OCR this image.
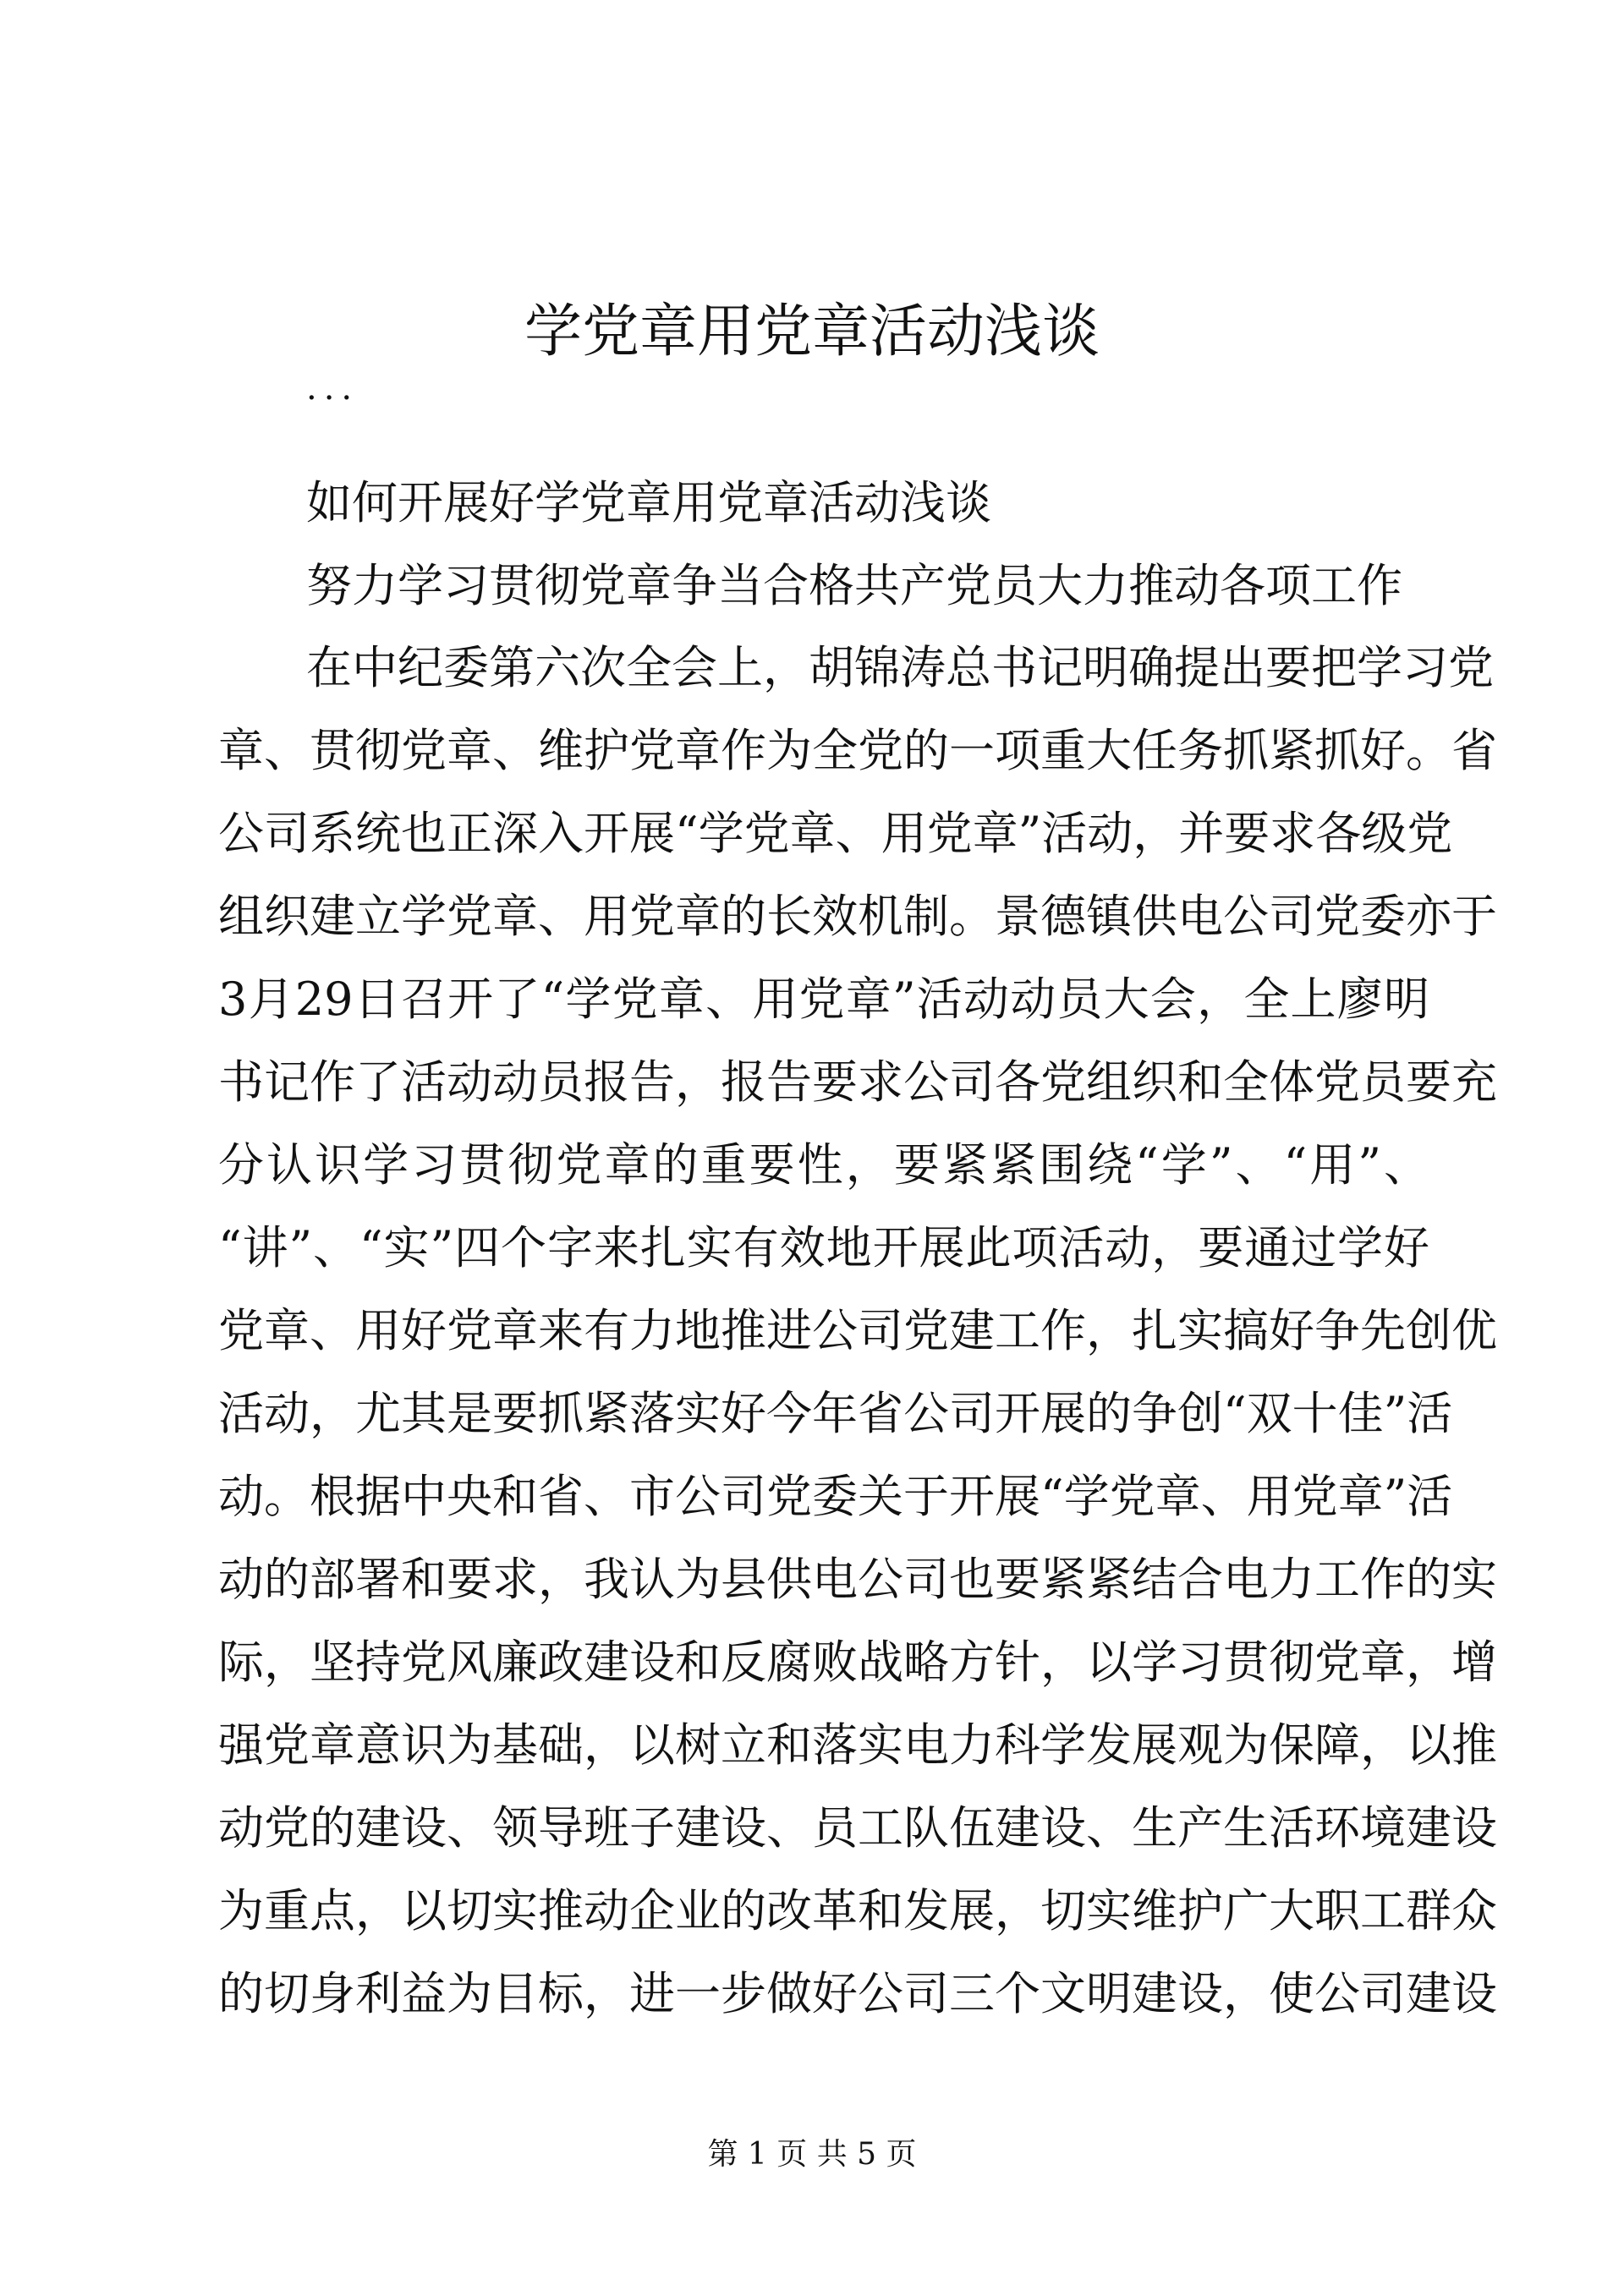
学党章用党章活动浅谈
...
如何开展好学党章用党章活动浅谈
努力学习贯彻党章争当合格共产党员大力推动各项工作
在中纪委第六次全会上，胡锦涛总书记明确提出要把学习党
章、贯彻党章、维护党章作为全党的一项重大任务抓紧抓好。省
公司系统也正深入开展“学党章、用党章”活动，并要求各级党
组织建立学党章、用党章的长效机制。景德镇供电公司党委亦于
3月29日召开了“学党章、用党章”活动动员大会，全上廖明
书记作了活动动员报告，报告要求公司各党组织和全体党员要充
分认识学习贯彻党章的重要性，要紧紧围绕“学”、“用”、
“讲”、“实”四个字来扎实有效地开展此项活动，要通过学好
党章、用好党章来有力地推进公司党建工作，扎实搞好争先创优
活动，尤其是要抓紧落实好今年省公司开展的争创“双十佳”活
动。根据中央和省、市公司党委关于开展“学党章、用党章”活
动的部署和要求，我认为县供电公司也要紧紧结合电力工作的实
际，坚持党风廉政建设和反腐败战略方针，以学习贯彻党章，增
强党章意识为基础，以树立和落实电力科学发展观为保障，以推
动党的建设、领导班子建设、员工队伍建设、生产生活环境建设
为重点，以切实推动企业的改革和发展，切实维护广大职工群众
的切身利益为目标，进一步做好公司三个文明建设，使公司建设
第 1 页 共 5 页
